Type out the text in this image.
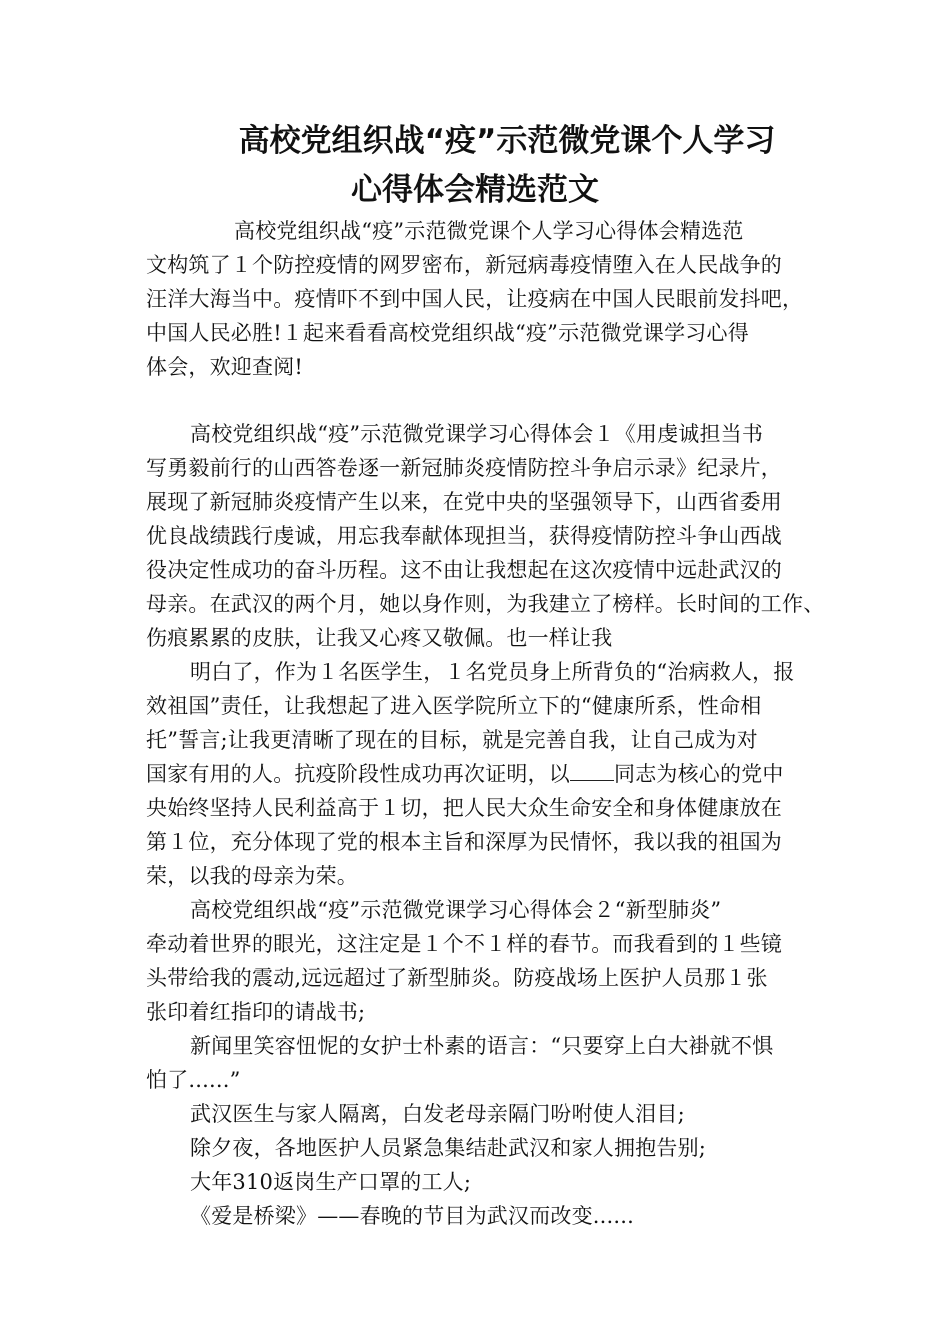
高校党组织战“疫”示范微党课个人学习
心得体会精选范文
高校党组织战“疫”示范微党课个人学习心得体会精选范
文构筑了１个防控疫情的网罗密布，新冠病毒疫情堕入在人民战争的
汪洋大海当中。疫情吓不到中国人民，让疫病在中国人民眼前发抖吧，
中国人民必胜!１起来看看高校党组织战“疫”示范微党课学习心得
体会，欢迎查阅!
高校党组织战“疫”示范微党课学习心得体会１《用虔诚担当书
写勇毅前行的山西答卷逐一新冠肺炎疫情防控斗争启示录》纪录片，
展现了新冠肺炎疫情产生以来，在党中央的坚强领导下，山西省委用
优良战绩践行虔诚，用忘我奉献体现担当，获得疫情防控斗争山西战
役决定性成功的奋斗历程。这不由让我想起在这次疫情中远赴武汉的
母亲。在武汉的两个月，她以身作则，为我建立了榜样。长时间的工作、
伤痕累累的皮肤，让我又心疼又敬佩。也一样让我
明白了，作为１名医学生，１名党员身上所背负的“治病救人，报
效祖国”责任，让我想起了进入医学院所立下的“健康所系，性命相
托”誓言;让我更清晰了现在的目标，就是完善自我，让自己成为对
国家有用的人。抗疫阶段性成功再次证明，以 同志为核心的党中
央始终坚持人民利益高于１切，把人民大众生命安全和身体健康放在
第１位，充分体现了党的根本主旨和深厚为民情怀，我以我的祖国为
荣，以我的母亲为荣。
高校党组织战“疫”示范微党课学习心得体会２“新型肺炎”
牵动着世界的眼光，这注定是１个不１样的春节。而我看到的１些镜
头带给我的震动,远远超过了新型肺炎。防疫战场上医护人员那１张
张印着红指印的请战书;
新闻里笑容忸怩的女护士朴素的语言：“只要穿上白大褂就不惧
怕了......”
武汉医生与家人隔离，白发老母亲隔门吩咐使人泪目;
除夕夜，各地医护人员紧急集结赴武汉和家人拥抱告别;
大年310返岗生产口罩的工人;
《爱是桥梁》——春晚的节目为武汉而改变......
